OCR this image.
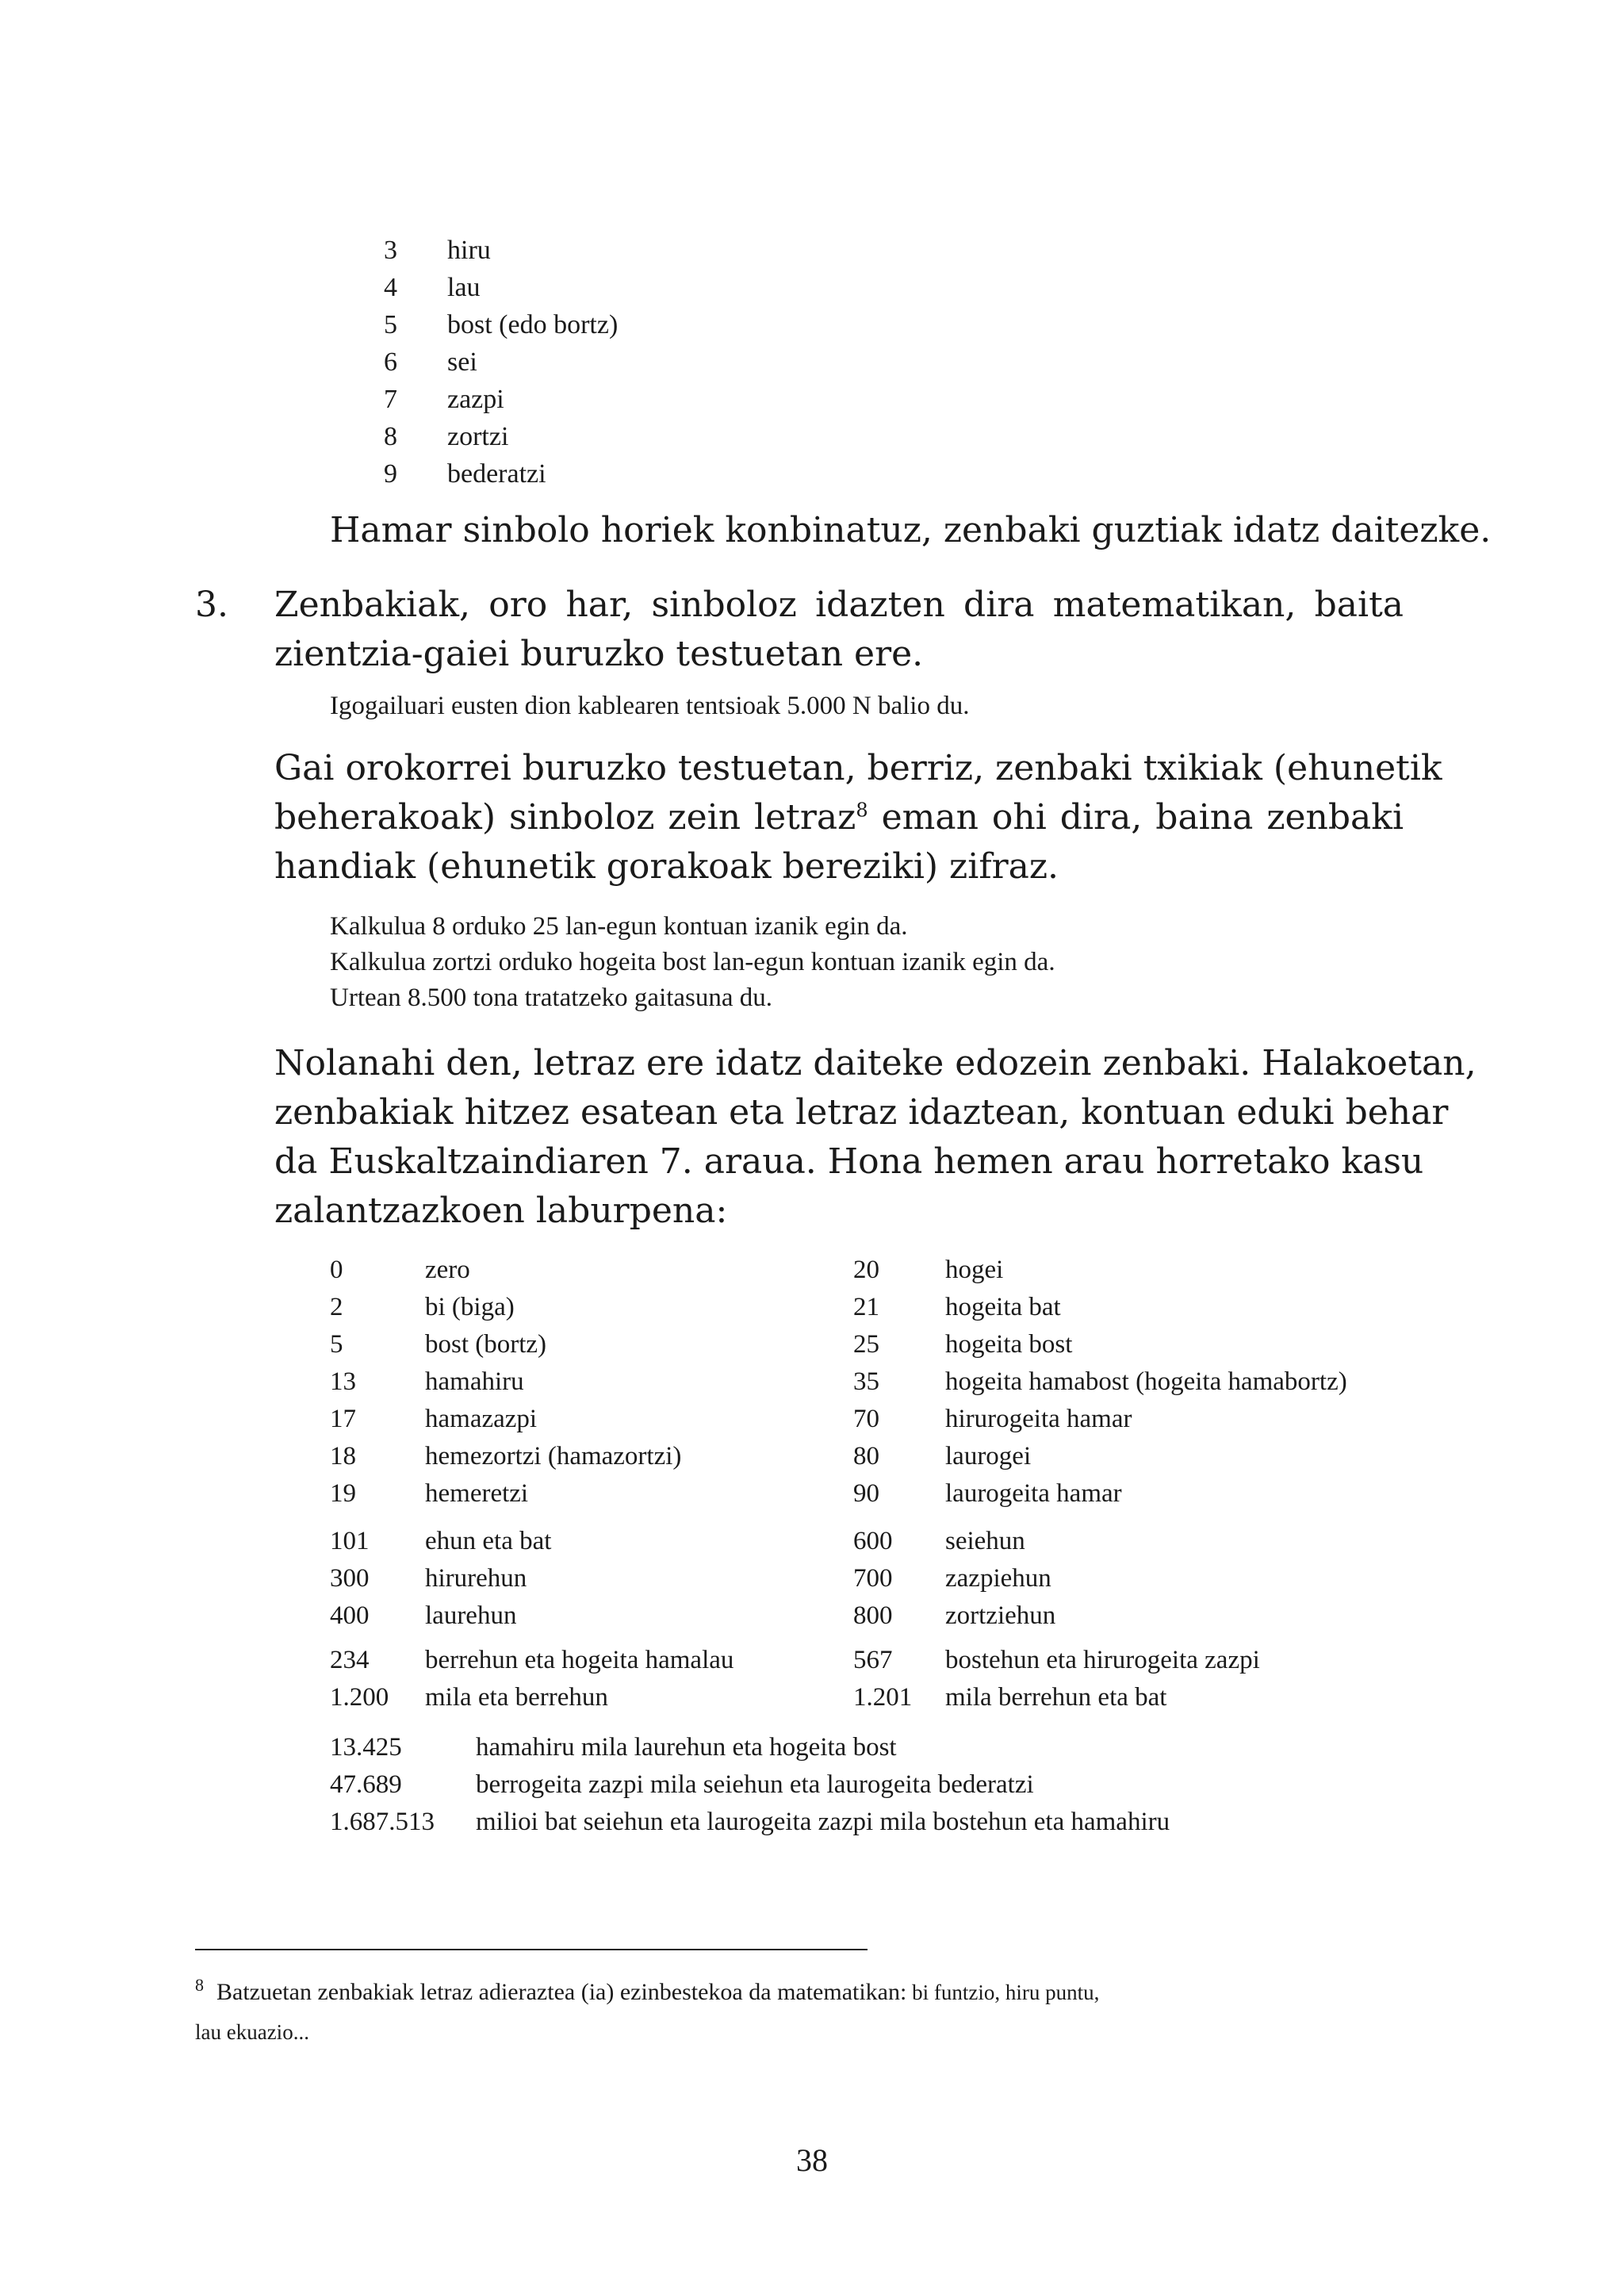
3	hiru
4	lau
5	bost (edo bortz)
6	sei
7	zazpi
8	zortzi
9	bederatzi
Hamar sinbolo horiek konbinatuz, zenbaki guztiak idatz daitezke.
3. Zenbakiak, oro har, sinboloz idazten dira matematikan, baita
zientzia-gaiei buruzko testuetan ere.
Igogailuari eusten dion kablearen tentsioak 5.000 N balio du.
Gai orokorrei buruzko testuetan, berriz, zenbaki txikiak (ehunetik
beherakoak) sinboloz zein letraz$^8$ eman ohi dira, baina zenbaki
handiak (ehunetik gorakoak bereziki) zifraz.
Kalkulua 8 orduko 25 lan-egun kontuan izanik egin da.
Kalkulua zortzi orduko hogeita bost lan-egun kontuan izanik egin da.
Urtean 8.500 tona tratatzeko gaitasuna du.
Nolanahi den, letraz ere idatz daiteke edozein zenbaki. Halakoetan,
zenbakiak hitzez esatean eta letraz idaztean, kontuan eduki behar
da Euskaltzaindiaren 7. araua. Hona hemen arau horretako kasu
zalantzazkoen laburpena:
0	zero	20	hogei
2	bi (biga)	21	hogeita bat
5	bost (bortz)	25	hogeita bost
13	hamahiru	35	hogeita hamabost (hogeita hamabortz)
17	hamazazpi	70	hirurogeita hamar
18	hemezortzi (hamazortzi)	80	laurogei
19	hemeretzi	90	laurogeita hamar
101	ehun eta bat	600	seiehun
300	hirurehun	700	zazpiehun
400	laurehun	800	zortziehun
234	berrehun eta hogeita hamalau	567	bostehun eta hirurogeita zazpi
1.200	mila eta berrehun	1.201	mila berrehun eta bat
13.425	hamahiru mila laurehun eta hogeita bost
47.689	berrogeita zazpi mila seiehun eta laurogeita bederatzi
1.687.513	milioi bat seiehun eta laurogeita zazpi mila bostehun eta hamahiru
$^8$ Batzuetan zenbakiak letraz adieraztea (ia) ezinbestekoa da matematikan: bi funtzio, hiru puntu,
lau ekuazio...
38
